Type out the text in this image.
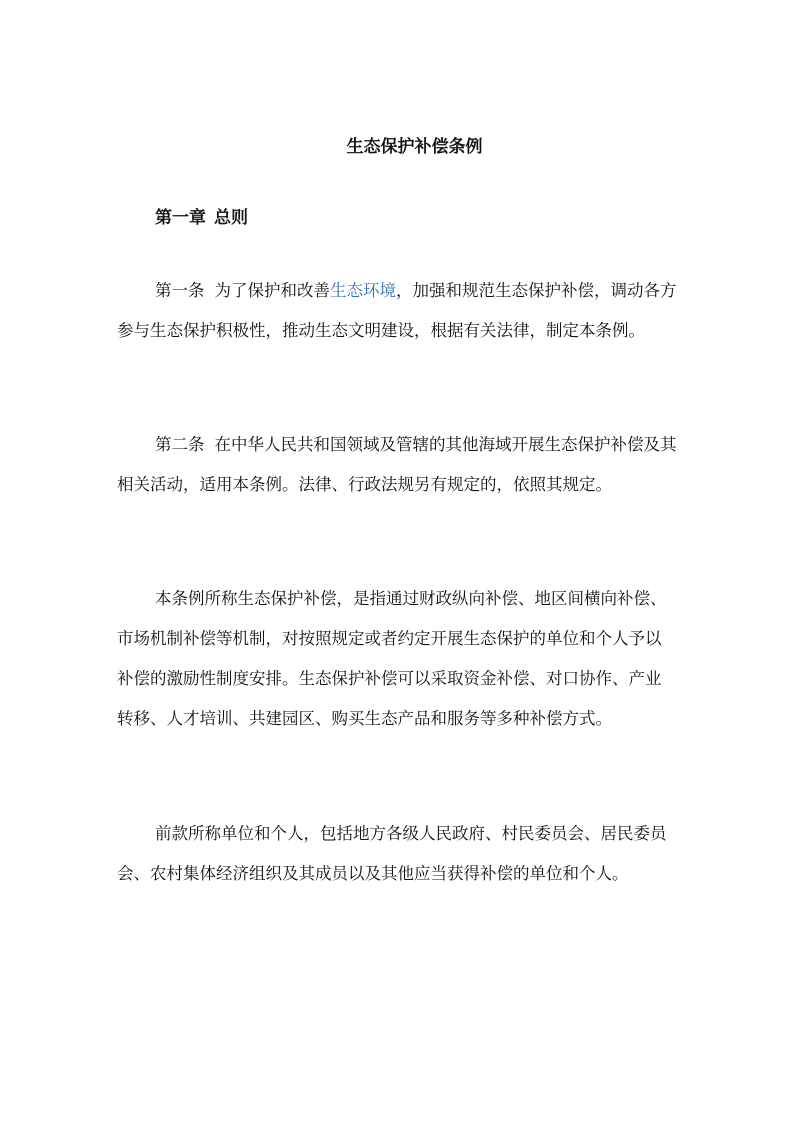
生态保护补偿条例
第一章 总则

第一条 为了保护和改善生态环境，加强和规范生态保护补偿，调动各方参与生态保护积极性，推动生态文明建设，根据有关法律，制定本条例。

第二条 在中华人民共和国领域及管辖的其他海域开展生态保护补偿及其相关活动，适用本条例。法律、行政法规另有规定的，依照其规定。

本条例所称生态保护补偿，是指通过财政纵向补偿、地区间横向补偿、市场机制补偿等机制，对按照规定或者约定开展生态保护的单位和个人予以补偿的激励性制度安排。生态保护补偿可以采取资金补偿、对口协作、产业转移、人才培训、共建园区、购买生态产品和服务等多种补偿方式。

前款所称单位和个人，包括地方各级人民政府、村民委员会、居民委员会、农村集体经济组织及其成员以及其他应当获得补偿的单位和个人。
